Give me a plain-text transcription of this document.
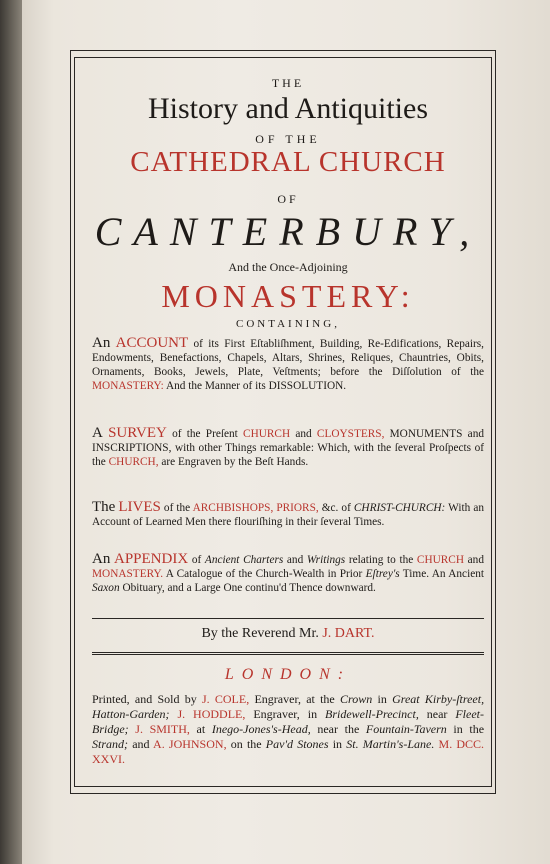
THE
History and Antiquities
OF THE
CATHEDRAL CHURCH
OF
CANTERBURY,
And the Once-Adjoining
MONASTERY:
CONTAINING,
An ACCOUNT of its First Eſtabliſhment, Building, Re-Edifications, Repairs, Endowments, Benefactions, Chapels, Altars, Shrines, Reliques, Chauntries, Obits, Ornaments, Books, Jewels, Plate, Veſtments; before the Diſſolution of the MONASTERY: And the Manner of its DISSOLUTION.
A SURVEY of the Preſent CHURCH and CLOYSTERS, MONUMENTS and INSCRIPTIONS, with other Things remarkable: Which, with the ſeveral Proſpects of the CHURCH, are Engraven by the Beſt Hands.
The LIVES of the ARCHBISHOPS, PRIORS, &c. of CHRIST-CHURCH: With an Account of Learned Men there flouriſhing in their ſeveral Times.
An APPENDIX of Ancient Charters and Writings relating to the CHURCH and MONASTERY. A Catalogue of the Church-Wealth in Prior Eſtrey's Time. An Ancient Saxon Obituary, and a Large One continu'd Thence downward.
By the Reverend Mr. J. DART.
LONDON:
Printed, and Sold by J. COLE, Engraver, at the Crown in Great Kirby-ſtreet, Hatton-Garden; J. HODDLE, Engraver, in Bridewell-Precinct, near Fleet-Bridge; J. SMITH, at Inego-Jones's-Head, near the Fountain-Tavern in the Strand; and A. JOHNSON, on the Pav'd Stones in St. Martin's-Lane. M. DCC. XXVI.
